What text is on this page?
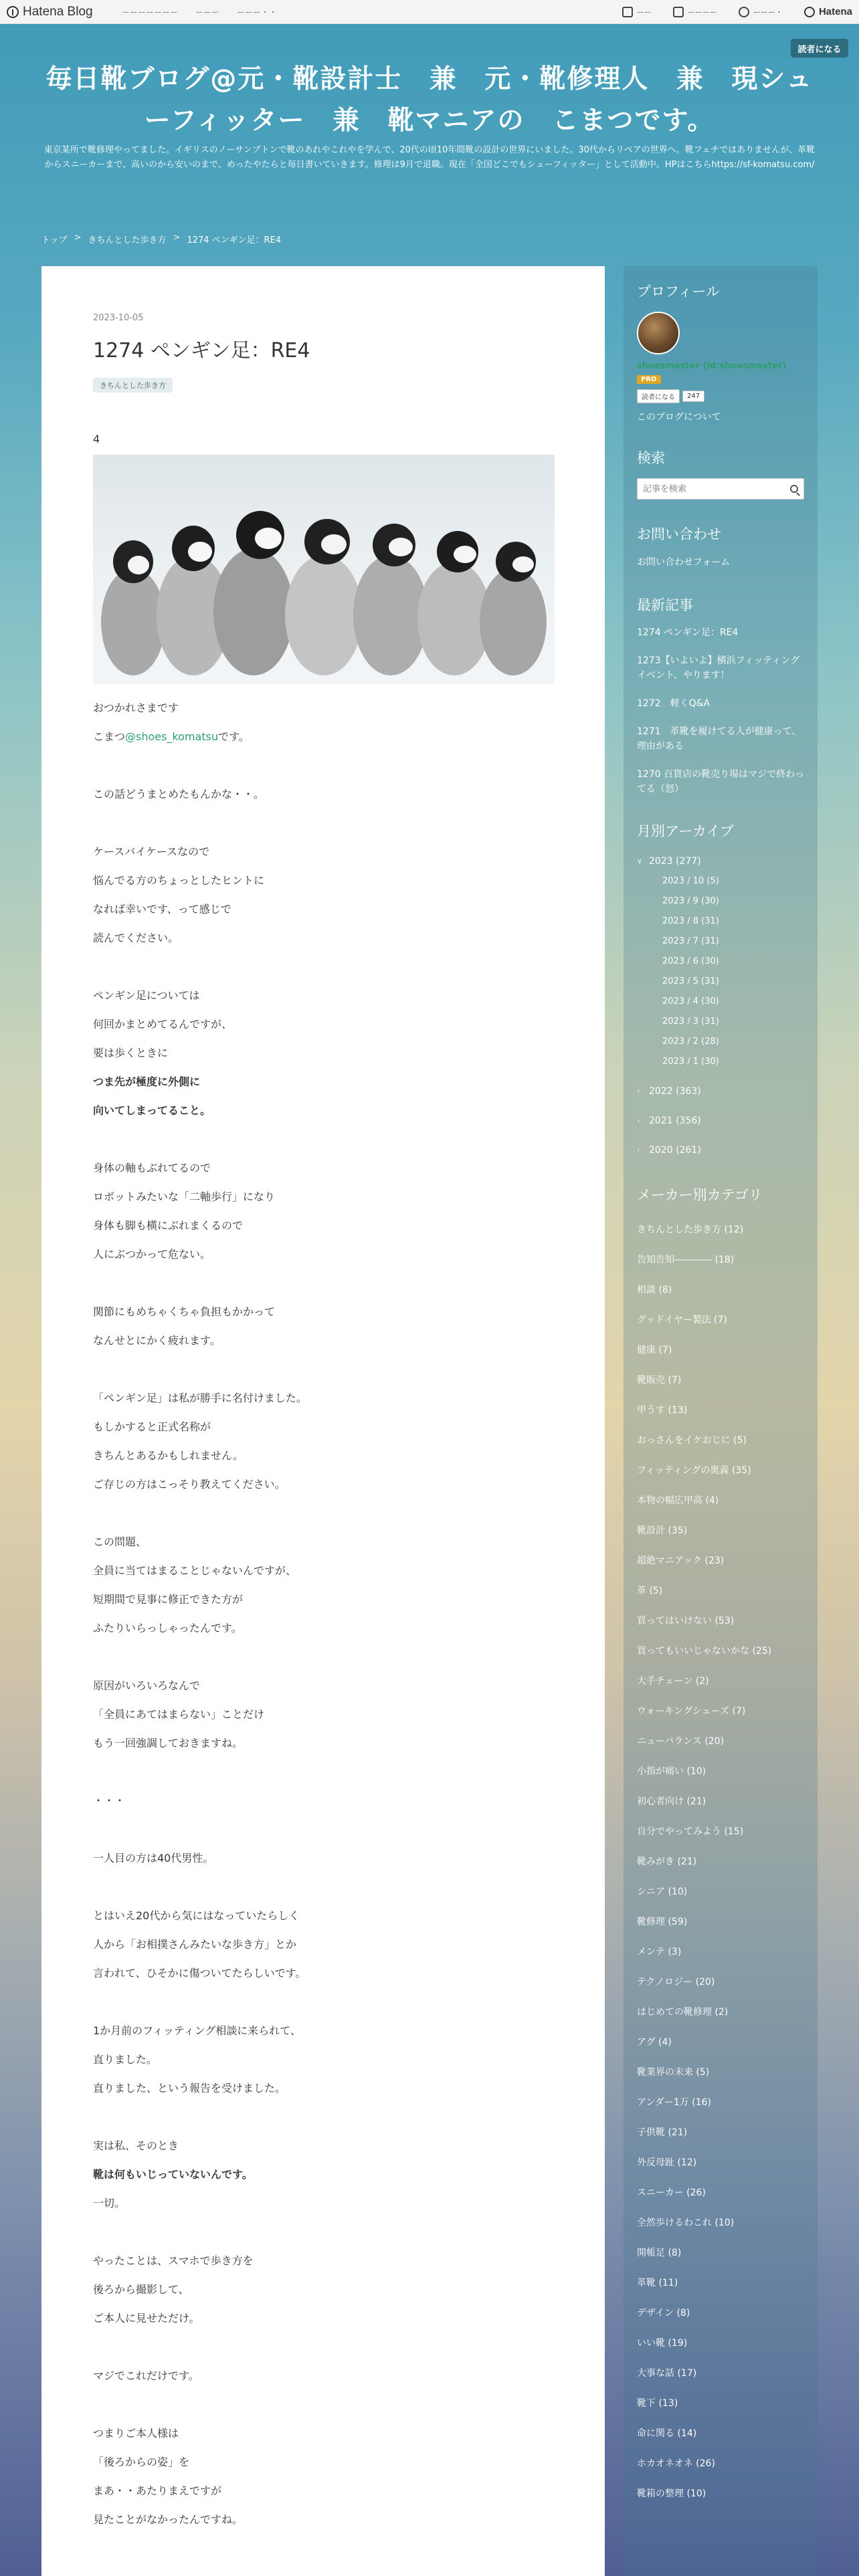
Hatena Blog	ーーーーーーー ーーー ーーー・・	ーー	ーーーー	ーーー・	Hatena
読者になる
毎日靴ブログ@元・靴設計士　兼　元・靴修理人　兼　現シューフィッター　兼　靴マニアの　こまつです。
東京某所で靴修理やってました。イギリスのノーサンプトンで靴のあれやこれやを学んで、20代の頃10年間靴の設計の世界にいました。30代からリペアの世界へ。靴フェチではありませんが、革靴からスニーカーまで、高いのから安いのまで、めったやたらと毎日書いていきます。修理は9月で退職。現在「全国どこでもシューフィッター」として活動中。HPはこちらhttps://sf-komatsu.com/
トップ > きちんとした歩き方 > 1274 ペンギン足：RE4
2023-10-05
1274 ペンギン足：RE4
きちんとした歩き方
4

おつかれさまです

こまつ@shoes_komatsuです。

この話どうまとめたもんかな・・。

ケースバイケースなので

悩んでる方のちょっとしたヒントに

なれば幸いです、って感じで

読んでください。

ペンギン足については

何回かまとめてるんですが、

要は歩くときに

つま先が極度に外側に

向いてしまってること。

身体の軸もぶれてるので

ロボットみたいな「二軸歩行」になり

身体も脚も横にぶれまくるので

人にぶつかって危ない。

関節にもめちゃくちゃ負担もかかって

なんせとにかく疲れます。

「ペンギン足」は私が勝手に名付けました。

もしかすると正式名称が

きちんとあるかもしれません。

ご存じの方はこっそり教えてください。

この問題、

全員に当てはまることじゃないんですが、

短期間で見事に修正できた方が

ふたりいらっしゃったんです。

原因がいろいろなんで

「全員にあてはまらない」ことだけ

もう一回強調しておきますね。

・・・

一人目の方は40代男性。

とはいえ20代から気にはなっていたらしく

人から「お相撲さんみたいな歩き方」とか

言われて、ひそかに傷ついてたらしいです。

1か月前のフィッティング相談に来られて、

直りました。

直りました、という報告を受けました。

実は私、そのとき

靴は何もいじっていないんです。

一切。

やったことは、スマホで歩き方を

後ろから撮影して、

ご本人に見せただけ。

マジでこれだけです。

つまりご本人様は

「後ろからの姿」を

まあ・・あたりまえですが

見たことがなかったんですね。

プロフィール
shoesmaster (id:shoesmaster)
PRO
読者になる	247
このブログについて
検索
記事を検索
お問い合わせ
お問い合わせフォーム
最新記事
1274 ペンギン足：RE4
1273【いよいよ】横浜フィッティングイベント、やります！
1272　軽くQ&A
1271　革靴を履けてる人が健康って、理由がある
1270 百貨店の靴売り場はマジで終わってる（怒）
月別アーカイブ
∨ 2023 (277)
2023 / 10 (5)
2023 / 9 (30)
2023 / 8 (31)
2023 / 7 (31)
2023 / 6 (30)
2023 / 5 (31)
2023 / 4 (30)
2023 / 3 (31)
2023 / 2 (28)
2023 / 1 (30)
› 2022 (363)
› 2021 (356)
› 2020 (261)
メーカー別カテゴリ
きちんとした歩き方 (12)
告知告知―――― (18)
相談 (8)
グッドイヤー製法 (7)
健康 (7)
靴販売 (7)
甲うす (13)
おっさんをイケおじに (5)
フィッティングの奥義 (35)
本物の幅広甲高 (4)
靴設計 (35)
超絶マニアック (23)
革 (5)
買ってはいけない (53)
買ってもいいじゃないかな (25)
大手チェーン (2)
ウォーキングシューズ (7)
ニューバランス (20)
小指が痛い (10)
初心者向け (21)
自分でやってみよう (15)
靴みがき (21)
シニア (10)
靴修理 (59)
メンテ (3)
テクノロジー (20)
はじめての靴修理 (2)
アグ (4)
靴業界の未来 (5)
アンダー1万 (16)
子供靴 (21)
外反母趾 (12)
スニーカー (26)
全然歩けるわこれ (10)
開帳足 (8)
革靴 (11)
デザイン (8)
いい靴 (19)
大事な話 (17)
靴下 (13)
命に関る (14)
ホカオネオネ (26)
靴箱の整理 (10)
